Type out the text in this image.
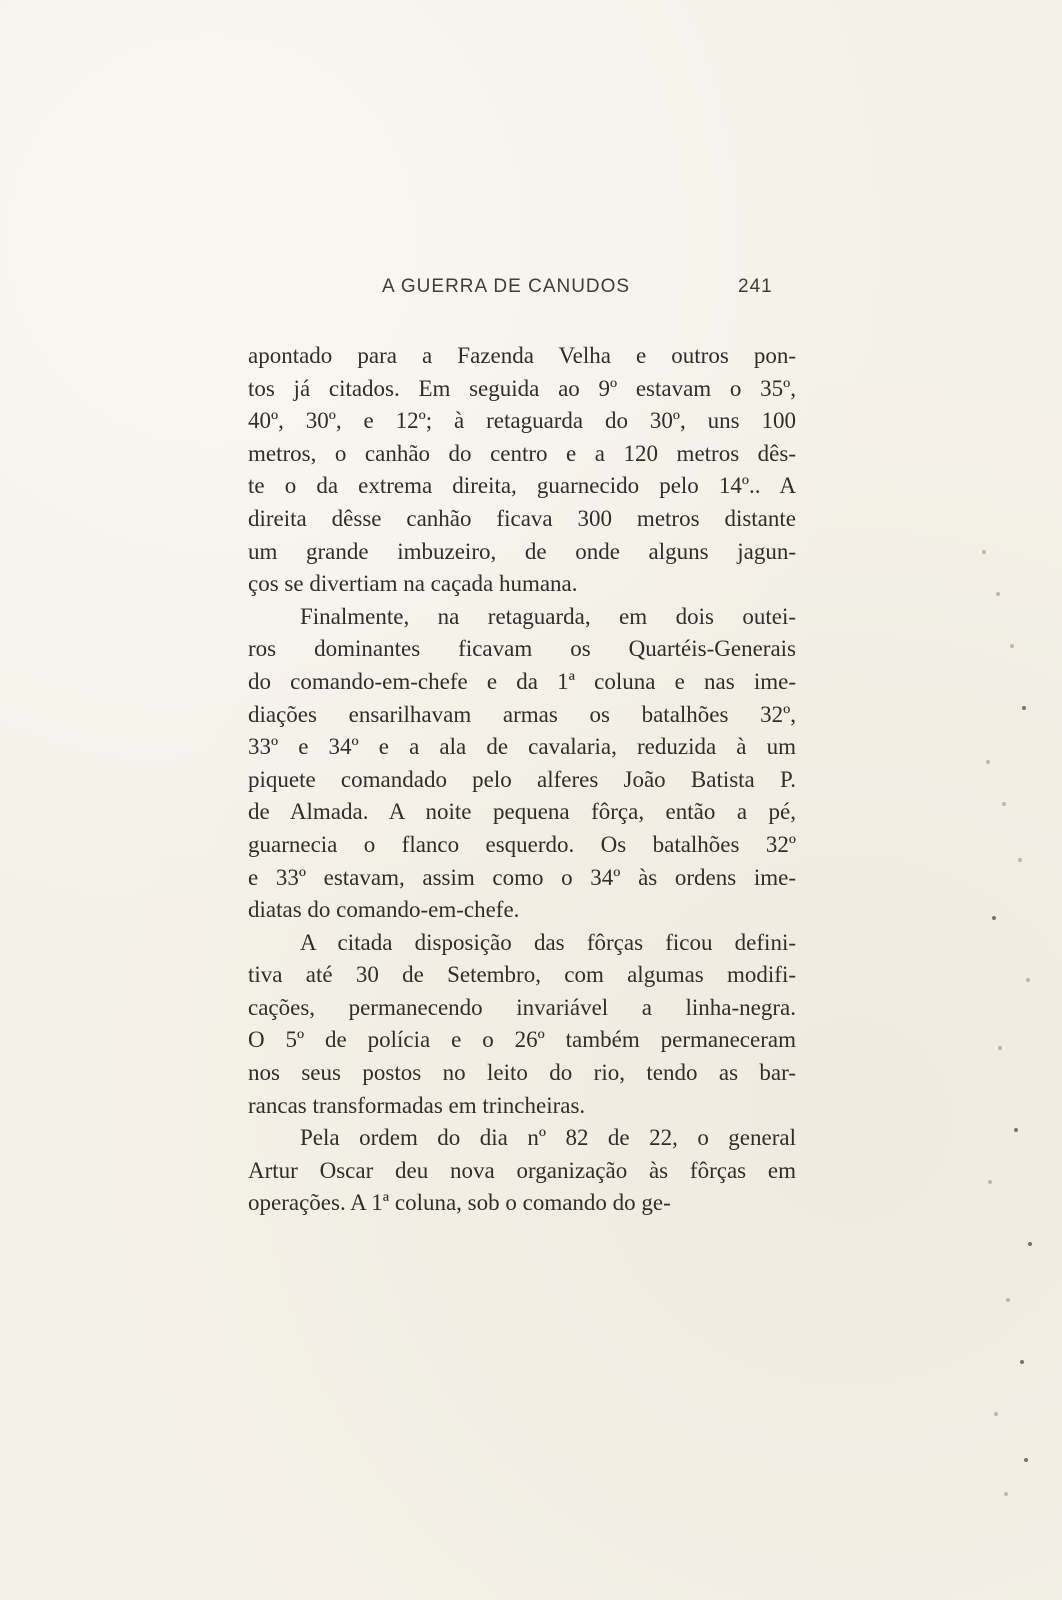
A GUERRA DE CANUDOS	241

apontado para a Fazenda Velha e outros pon-
tos já citados. Em seguida ao 9º estavam o 35º,
40º, 30º, e 12º; à retaguarda do 30º, uns 100
metros, o canhão do centro e a 120 metros dês-
te o da extrema direita, guarnecido pelo 14º.. A
direita dêsse canhão ficava 300 metros distante
um grande imbuzeiro, de onde alguns jagun-
ços se divertiam na caçada humana.

Finalmente, na retaguarda, em dois outei-
ros dominantes ficavam os Quartéis-Generais
do comando-em-chefe e da 1ª coluna e nas ime-
diações ensarilhavam armas os batalhões 32º,
33º e 34º e a ala de cavalaria, reduzida à um
piquete comandado pelo alferes João Batista P.
de Almada. A noite pequena fôrça, então a pé,
guarnecia o flanco esquerdo. Os batalhões 32º
e 33º estavam, assim como o 34º às ordens ime-
diatas do comando-em-chefe.

A citada disposição das fôrças ficou defini-
tiva até 30 de Setembro, com algumas modifi-
cações, permanecendo invariável a linha-negra.
O 5º de polícia e o 26º também permaneceram
nos seus postos no leito do rio, tendo as bar-
rancas transformadas em trincheiras.

Pela ordem do dia nº 82 de 22, o general
Artur Oscar deu nova organização às fôrças em
operações. A 1ª coluna, sob o comando do ge-
